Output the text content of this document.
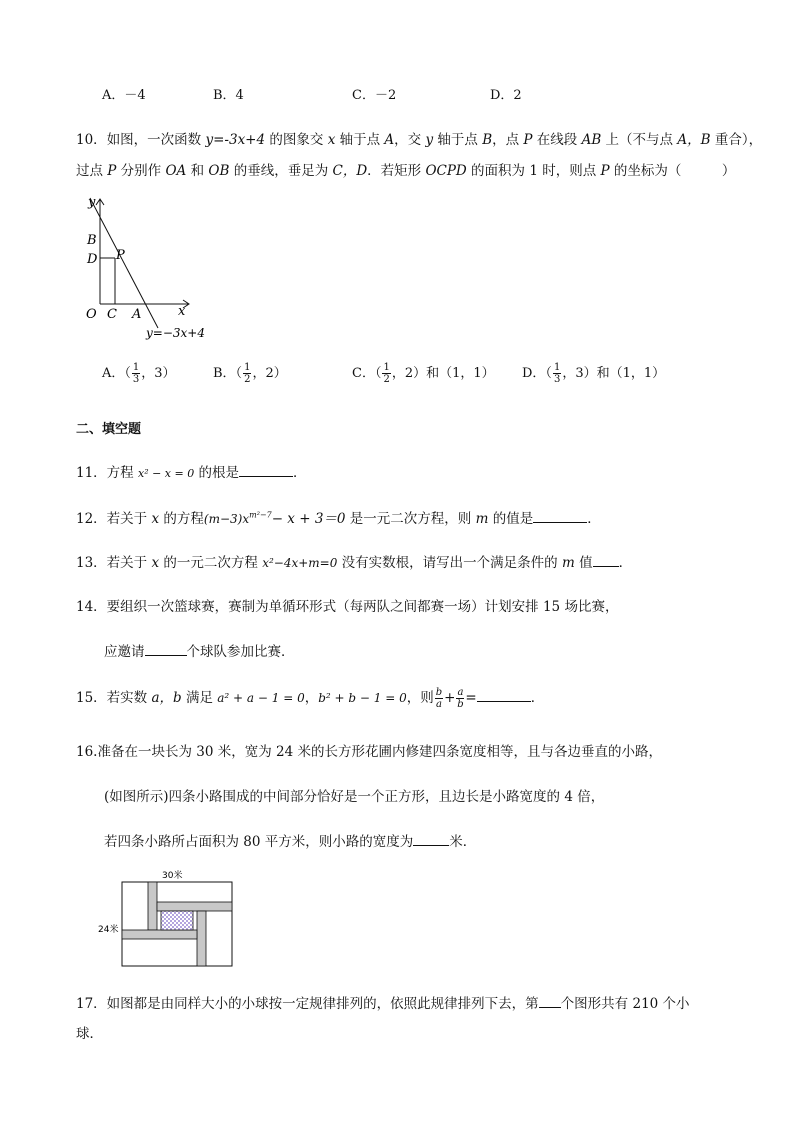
A．－4	B．4	C．－2	D．2
10．如图，一次函数 y=-3x+4 的图象交 x 轴于点 A，交 y 轴于点 B，点 P 在线段 AB 上（不与点 A，B 重合），
过点 P 分别作 OA 和 OB 的垂线，垂足为 C，D．若矩形 OCPD 的面积为 1 时，则点 P 的坐标为（　　　）
y
x
B
D P
O C A
y=−3x+4
A．（ $\frac{1}{3}$ ，3）	B．（ $\frac{1}{2}$ ，2）	C．（ $\frac{1}{2}$ ，2）和（1，1） D．（ $\frac{1}{3}$ ，3）和（1，1）
二、填空题
11．方程 x² − x = 0 的根是	．
12．若关于 x 的方程$(m-3)x^{m^2-7}- x + 3=0$ 是一元二次方程，则 m 的值是	．
13．若关于 x 的一元二次方程 x²−4x+m=0 没有实数根，请写出一个满足条件的 m 值 ．
14．要组织一次篮球赛，赛制为单循环形式（每两队之间都赛一场）计划安排 15 场比赛，
应邀请	个球队参加比赛．
15．若实数 a，b 满足 a² + a − 1 = 0，b² + b − 1 = 0，则 $\frac{b}{a} + \frac{a}{b}$ =	．
16.准备在一块长为 30 米，宽为 24 米的长方形花圃内修建四条宽度相等，且与各边垂直的小路，
(如图所示)四条小路围成的中间部分恰好是一个正方形，且边长是小路宽度的 4 倍，
若四条小路所占面积为 80 平方米，则小路的宽度为	米．
30米
24米
17．如图都是由同样大小的小球按一定规律排列的，依照此规律排列下去，第 个图形共有 210 个小
球．
